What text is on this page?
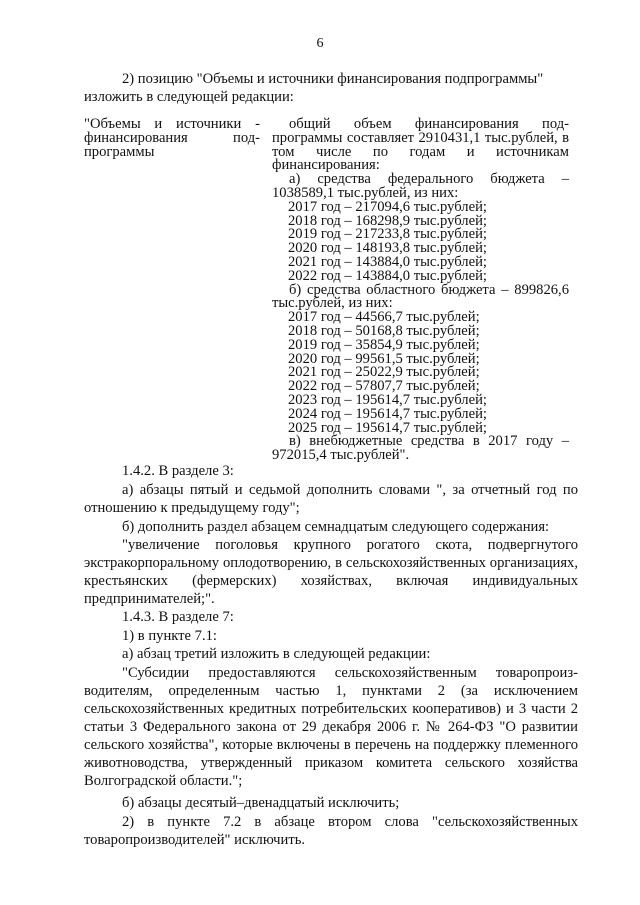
6
2) позицию "Объемы и источники финансирования подпрограммы"
изложить в следующей редакции:
"Объемы и источники - финансирования под- программы

общий объем финансирования под- программы составляет 2910431,1 тыс.рублей, в том числе по годам и источникам финансирования:

а) средства федерального бюджета – 1038589,1 тыс.рублей, из них:

2017 год – 217094,6 тыс.рублей;

2018 год – 168298,9 тыс.рублей;

2019 год – 217233,8 тыс.рублей;

2020 год – 148193,8 тыс.рублей;

2021 год – 143884,0 тыс.рублей;

2022 год – 143884,0 тыс.рублей;

б) средства областного бюджета – 899826,6 тыс.рублей, из них:

2017 год – 44566,7 тыс.рублей;

2018 год – 50168,8 тыс.рублей;

2019 год – 35854,9 тыс.рублей;

2020 год – 99561,5 тыс.рублей;

2021 год – 25022,9 тыс.рублей;

2022 год – 57807,7 тыс.рублей;

2023 год – 195614,7 тыс.рублей;

2024 год – 195614,7 тыс.рублей;

2025 год – 195614,7 тыс.рублей;

в) внебюджетные средства в 2017 году – 972015,4 тыс.рублей".

1.4.2. В разделе 3:
а) абзацы пятый и седьмой дополнить словами ", за отчетный год по отношению к предыдущему году";
б) дополнить раздел абзацем семнадцатым следующего содержания:
"увеличение поголовья крупного рогатого скота, подвергнутого экстракорпоральному оплодотворению, в сельскохозяйственных организациях, крестьянских (фермерских) хозяйствах, включая индивидуальных предпринимателей;".
1.4.3. В разделе 7:
1) в пункте 7.1:
а) абзац третий изложить в следующей редакции:
"Субсидии предоставляются сельскохозяйственным товаропроиз- водителям, определенным частью 1, пунктами 2 (за исключением сельскохозяйственных кредитных потребительских кооперативов) и 3 части 2 статьи 3 Федерального закона от 29 декабря 2006 г. № 264-ФЗ "О развитии сельского хозяйства", которые включены в перечень на поддержку племенного животноводства, утвержденный приказом комитета сельского хозяйства Волгоградской области.";
б) абзацы десятый–двенадцатый исключить;
2) в пункте 7.2 в абзаце втором слова "сельскохозяйственных товаропроизводителей" исключить.
